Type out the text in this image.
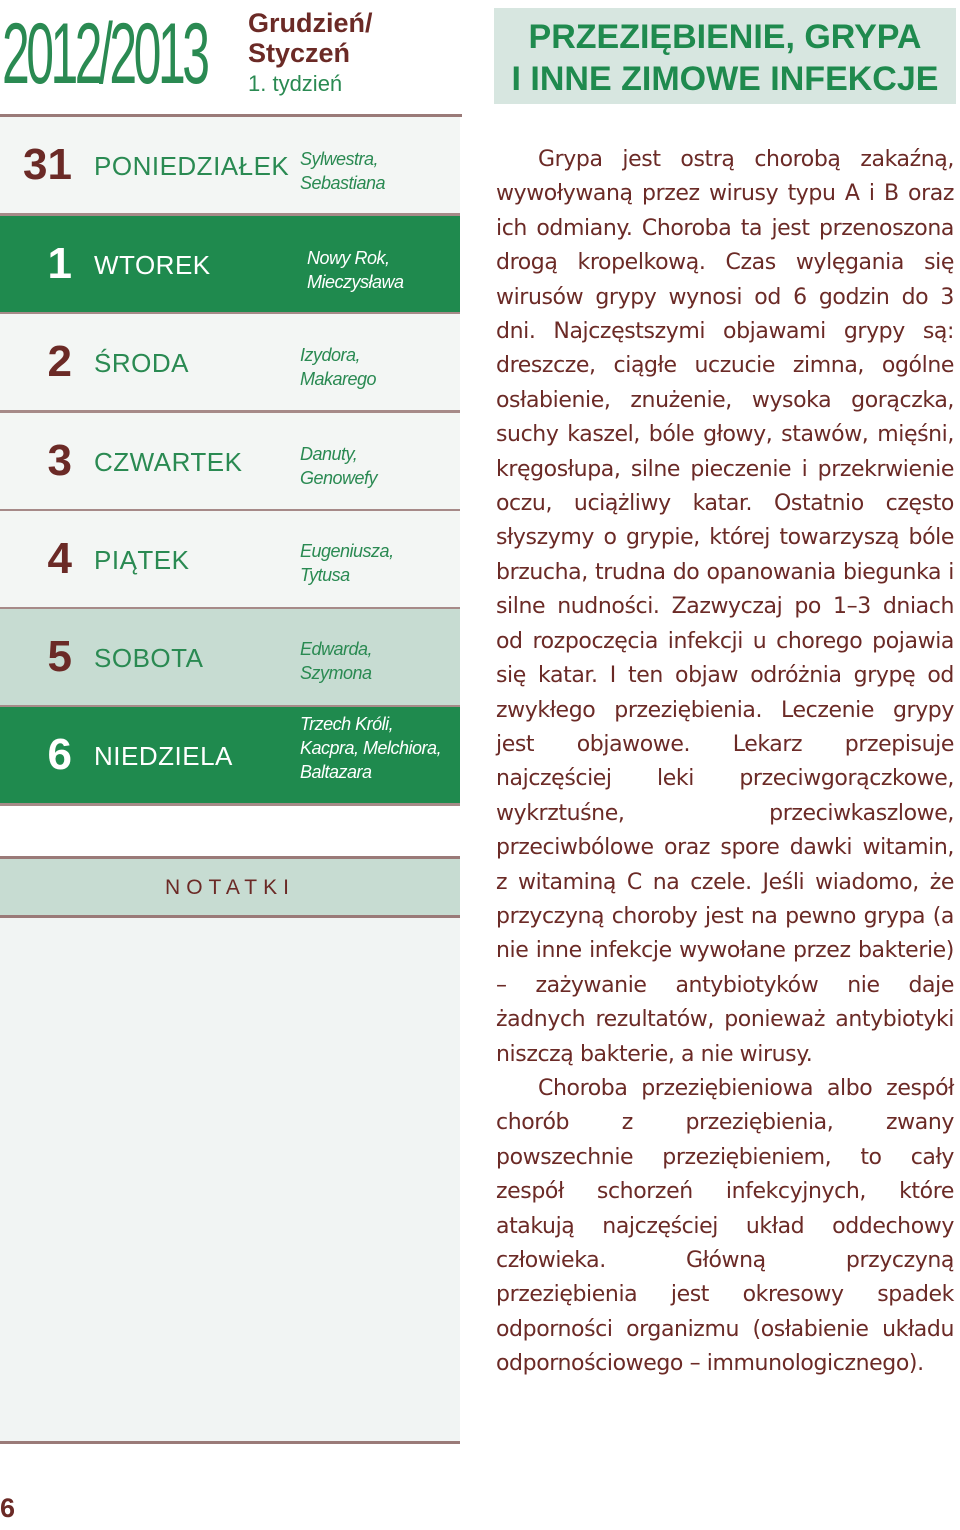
2012/2013 Grudzień/
Styczeń
1. tydzień
31 PONIEDZIAŁEK Sylwestra,
Sebastiana
1 WTOREK	Nowy Rok,
Mieczysława
2 ŚRODA	Izydora,
Makarego
3 CZWARTEK	Danuty,
Genowefy
4 PIĄTEK	Eugeniusza,
Tytusa
5 SOBOTA	Edwarda,
Szymona
6 NIEDZIELA
Trzech Króli,
Kacpra, Melchiora,
Baltazara
NOTATKI
6
PRZEZIĘBIENIE, GRYPA
I INNE ZIMOWE INFEKCJE

Grypa jest ostrą chorobą zakaźną, wywoływaną przez wirusy typu A i B oraz ich odmiany. Choroba ta jest przenoszona drogą kropelkową. Czas wylęgania się wirusów grypy wynosi od 6 godzin do 3 dni. Najczęstszymi objawami grypy są: dreszcze, ciągłe uczucie zimna, ogólne osłabienie, znużenie, wysoka gorączka, suchy kaszel, bóle głowy, stawów, mięśni, kręgosłupa, silne pieczenie i przekrwienie oczu, uciążliwy katar. Ostatnio często słyszymy o grypie, której towarzyszą bóle brzucha, trudna do opanowania biegunka i silne nudności. Zazwyczaj po 1–3 dniach od rozpoczęcia infekcji u chorego pojawia się katar. I ten objaw odróżnia grypę od zwykłego przeziębienia. Leczenie grypy jest objawowe. Lekarz przepisuje najczęściej leki przeciwgorączkowe, wykrztuśne, przeciwkaszlowe, przeciwbólowe oraz spore dawki witamin, z witaminą C na czele. Jeśli wiadomo, że przyczyną choroby jest na pewno grypa (a nie inne infekcje wywołane przez bakterie) – zażywanie antybiotyków nie daje żadnych rezultatów, ponieważ antybiotyki niszczą bakterie, a nie wirusy.

Choroba przeziębieniowa albo zespół chorób z przeziębienia, zwany powszechnie przeziębieniem, to cały zespół schorzeń infekcyjnych, które atakują najczęściej układ oddechowy człowieka. Główną przyczyną przeziębienia jest okresowy spadek odporności organizmu (osłabienie układu odpornościowego – immunologicznego).
